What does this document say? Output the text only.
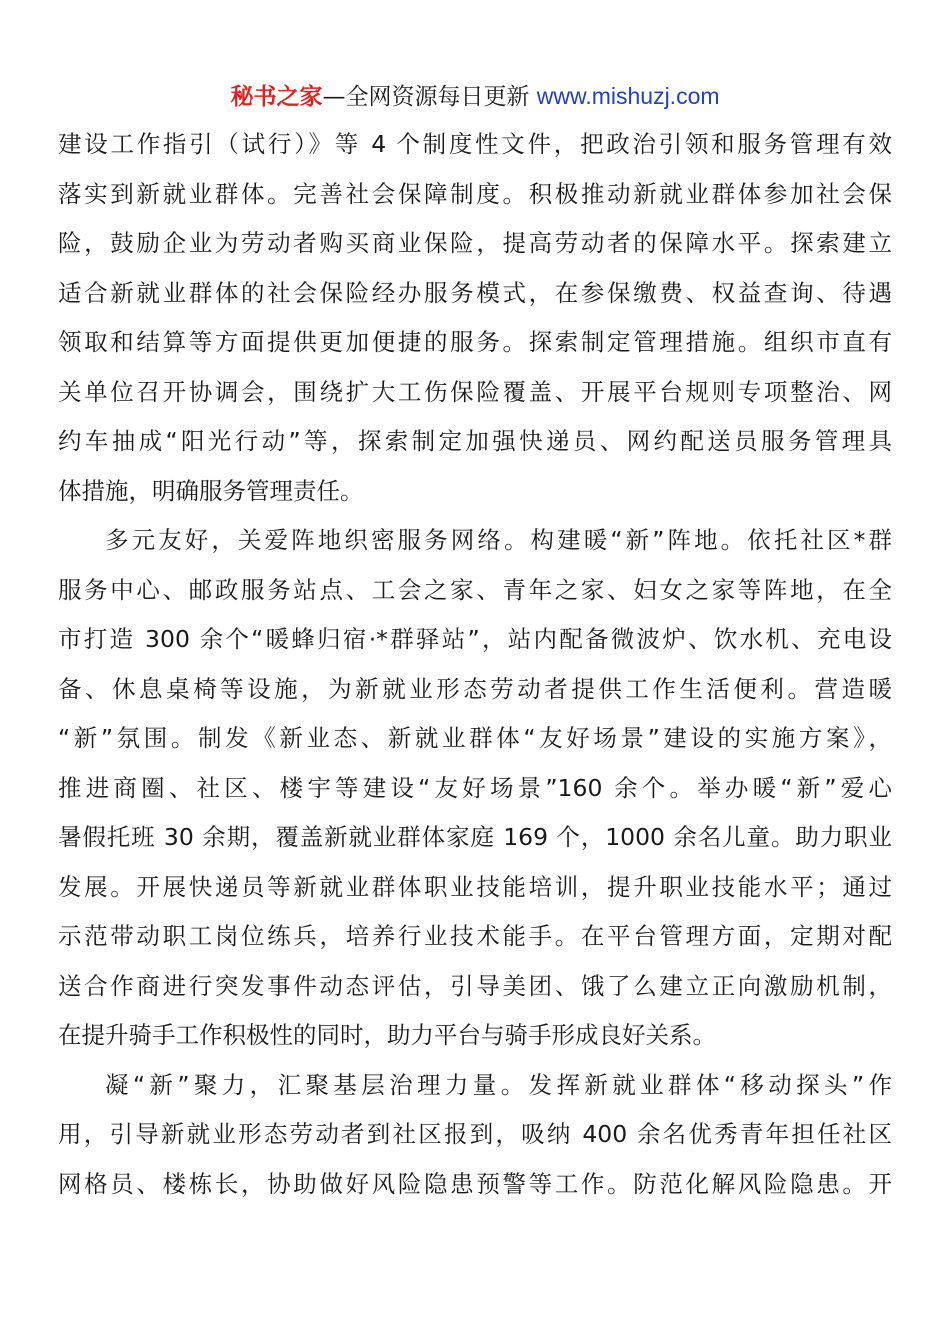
秘书之家—全网资源每日更新 www.mishuzj.com
建设工作指引（试行）》等 4 个制度性文件，把政治引领和服务管理有效
落实到新就业群体。完善社会保障制度。积极推动新就业群体参加社会保
险，鼓励企业为劳动者购买商业保险，提高劳动者的保障水平。探索建立
适合新就业群体的社会保险经办服务模式，在参保缴费、权益查询、待遇
领取和结算等方面提供更加便捷的服务。探索制定管理措施。组织市直有
关单位召开协调会，围绕扩大工伤保险覆盖、开展平台规则专项整治、网
约车抽成“阳光行动”等，探索制定加强快递员、网约配送员服务管理具
体措施，明确服务管理责任。
多元友好，关爱阵地织密服务网络。构建暖“新”阵地。依托社区*群
服务中心、邮政服务站点、工会之家、青年之家、妇女之家等阵地，在全
市打造 300 余个“暖蜂归宿·*群驿站”，站内配备微波炉、饮水机、充电设
备、休息桌椅等设施，为新就业形态劳动者提供工作生活便利。营造暖
“新”氛围。制发《新业态、新就业群体“友好场景”建设的实施方案》，
推进商圈、社区、楼宇等建设“友好场景”160 余个。举办暖“新”爱心
暑假托班 30 余期，覆盖新就业群体家庭 169 个，1000 余名儿童。助力职业
发展。开展快递员等新就业群体职业技能培训，提升职业技能水平；通过
示范带动职工岗位练兵，培养行业技术能手。在平台管理方面，定期对配
送合作商进行突发事件动态评估，引导美团、饿了么建立正向激励机制，
在提升骑手工作积极性的同时，助力平台与骑手形成良好关系。
凝“新”聚力，汇聚基层治理力量。发挥新就业群体“移动探头”作
用，引导新就业形态劳动者到社区报到，吸纳 400 余名优秀青年担任社区
网格员、楼栋长，协助做好风险隐患预警等工作。防范化解风险隐患。开
